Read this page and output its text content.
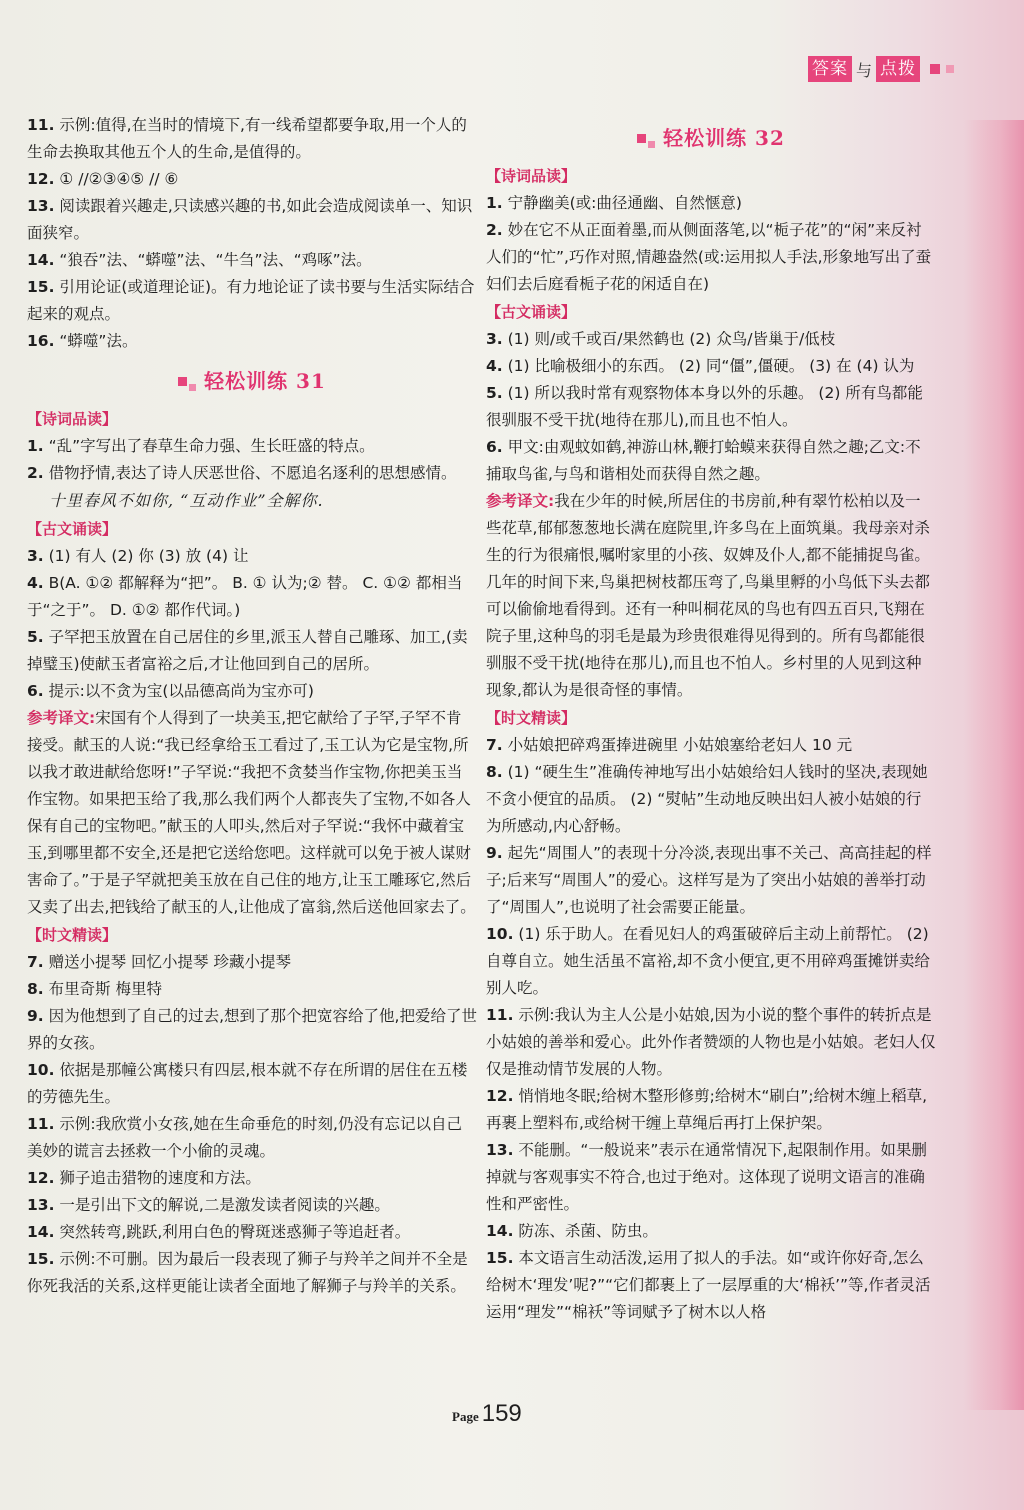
答案 与 点拨

11. 示例:值得,在当时的情境下,有一线希望都要争取,用一个人的生命去换取其他五个人的生命,是值得的。

12. ① //②③④⑤ // ⑥

13. 阅读跟着兴趣走,只读感兴趣的书,如此会造成阅读单一、知识面狭窄。

14. “狼吞”法、“蟒噬”法、“牛刍”法、“鸡啄”法。

15. 引用论证(或道理论证)。有力地论证了读书要与生活实际结合起来的观点。

16. “蟒噬”法。

轻松训练 31
【诗词品读】

1. “乱”字写出了春草生命力强、生长旺盛的特点。

2. 借物抒情,表达了诗人厌恶世俗、不愿追名逐利的思想感情。十里春风不如你, “互动作业”全解你.

【古文诵读】

3. (1) 有人 (2) 你 (3) 放 (4) 让

4. B(A. ①② 都解释为“把”。 B. ① 认为;② 替。 C. ①② 都相当于“之于”。 D. ①② 都作代词。)

5. 子罕把玉放置在自己居住的乡里,派玉人替自己雕琢、加工,(卖掉璧玉)使献玉者富裕之后,才让他回到自己的居所。

6. 提示:以不贪为宝(以品德高尚为宝亦可)

参考译文:宋国有个人得到了一块美玉,把它献给了子罕,子罕不肯接受。献玉的人说:“我已经拿给玉工看过了,玉工认为它是宝物,所以我才敢进献给您呀!”子罕说:“我把不贪婪当作宝物,你把美玉当作宝物。如果把玉给了我,那么我们两个人都丧失了宝物,不如各人保有自己的宝物吧。”献玉的人叩头,然后对子罕说:“我怀中藏着宝玉,到哪里都不安全,还是把它送给您吧。这样就可以免于被人谋财害命了。”于是子罕就把美玉放在自己住的地方,让玉工雕琢它,然后又卖了出去,把钱给了献玉的人,让他成了富翁,然后送他回家去了。

【时文精读】

7. 赠送小提琴 回忆小提琴 珍藏小提琴

8. 布里奇斯 梅里特

9. 因为他想到了自己的过去,想到了那个把宽容给了他,把爱给了世界的女孩。

10. 依据是那幢公寓楼只有四层,根本就不存在所谓的居住在五楼的劳德先生。

11. 示例:我欣赏小女孩,她在生命垂危的时刻,仍没有忘记以自己美妙的谎言去拯救一个小偷的灵魂。

12. 狮子追击猎物的速度和方法。

13. 一是引出下文的解说,二是激发读者阅读的兴趣。

14. 突然转弯,跳跃,利用白色的臀斑迷惑狮子等追赶者。

15. 示例:不可删。因为最后一段表现了狮子与羚羊之间并不全是你死我活的关系,这样更能让读者全面地了解狮子与羚羊的关系。

轻松训练 32
【诗词品读】

1. 宁静幽美(或:曲径通幽、自然惬意)

2. 妙在它不从正面着墨,而从侧面落笔,以“栀子花”的“闲”来反衬人们的“忙”,巧作对照,情趣盎然(或:运用拟人手法,形象地写出了蚕妇们去后庭看栀子花的闲适自在)

【古文诵读】

3. (1) 则/或千或百/果然鹤也 (2) 众鸟/皆巢于/低枝

4. (1) 比喻极细小的东西。 (2) 同“僵”,僵硬。 (3) 在 (4) 认为

5. (1) 所以我时常有观察物体本身以外的乐趣。 (2) 所有鸟都能很驯服不受干扰(地待在那儿),而且也不怕人。

6. 甲文:由观蚊如鹤,神游山林,鞭打蛤蟆来获得自然之趣;乙文:不捕取鸟雀,与鸟和谐相处而获得自然之趣。

参考译文:我在少年的时候,所居住的书房前,种有翠竹松柏以及一些花草,郁郁葱葱地长满在庭院里,许多鸟在上面筑巢。我母亲对杀生的行为很痛恨,嘱咐家里的小孩、奴婢及仆人,都不能捕捉鸟雀。几年的时间下来,鸟巢把树枝都压弯了,鸟巢里孵的小鸟低下头去都可以偷偷地看得到。还有一种叫桐花凤的鸟也有四五百只,飞翔在院子里,这种鸟的羽毛是最为珍贵很难得见得到的。所有鸟都能很驯服不受干扰(地待在那儿),而且也不怕人。乡村里的人见到这种现象,都认为是很奇怪的事情。

【时文精读】

7. 小姑娘把碎鸡蛋捧进碗里 小姑娘塞给老妇人 10 元

8. (1) “硬生生”准确传神地写出小姑娘给妇人钱时的坚决,表现她不贪小便宜的品质。 (2) “熨帖”生动地反映出妇人被小姑娘的行为所感动,内心舒畅。

9. 起先“周围人”的表现十分冷淡,表现出事不关己、高高挂起的样子;后来写“周围人”的爱心。这样写是为了突出小姑娘的善举打动了“周围人”,也说明了社会需要正能量。

10. (1) 乐于助人。在看见妇人的鸡蛋破碎后主动上前帮忙。 (2) 自尊自立。她生活虽不富裕,却不贪小便宜,更不用碎鸡蛋摊饼卖给别人吃。

11. 示例:我认为主人公是小姑娘,因为小说的整个事件的转折点是小姑娘的善举和爱心。此外作者赞颂的人物也是小姑娘。老妇人仅仅是推动情节发展的人物。

12. 悄悄地冬眠;给树木整形修剪;给树木“刷白”;给树木缠上稻草,再裹上塑料布,或给树干缠上草绳后再打上保护架。

13. 不能删。“一般说来”表示在通常情况下,起限制作用。如果删掉就与客观事实不符合,也过于绝对。这体现了说明文语言的准确性和严密性。

14. 防冻、杀菌、防虫。

15. 本文语言生动活泼,运用了拟人的手法。如“或许你好奇,怎么给树木‘理发’呢?”“它们都裹上了一层厚重的大‘棉袄’”等,作者灵活运用“理发”“棉袄”等词赋予了树木以人格

Page 159
